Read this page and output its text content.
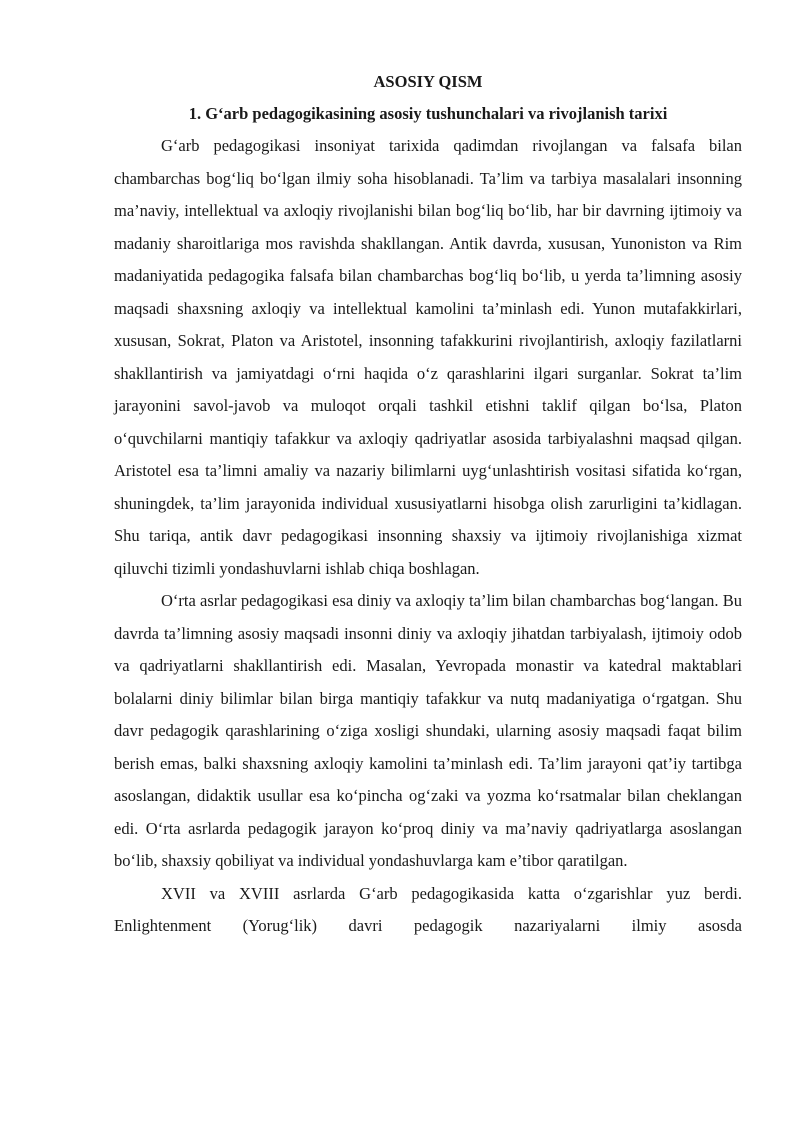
ASOSIY QISM

1. G‘arb pedagogikasining asosiy tushunchalari va rivojlanish tarixi

G‘arb pedagogikasi insoniyat tarixida qadimdan rivojlangan va falsafa bilan chambarchas bog‘liq bo‘lgan ilmiy soha hisoblanadi. Ta’lim va tarbiya masalalari insonning ma’naviy, intellektual va axloqiy rivojlanishi bilan bog‘liq bo‘lib, har bir davrning ijtimoiy va madaniy sharoitlariga mos ravishda shakllangan. Antik davrda, xususan, Yunoniston va Rim madaniyatida pedagogika falsafa bilan chambarchas bog‘liq bo‘lib, u yerda ta’limning asosiy maqsadi shaxsning axloqiy va intellektual kamolini ta’minlash edi. Yunon mutafakkirlari, xususan, Sokrat, Platon va Aristotel, insonning tafakkurini rivojlantirish, axloqiy fazilatlarni shakllantirish va jamiyatdagi o‘rni haqida o‘z qarashlarini ilgari surganlar. Sokrat ta’lim jarayonini savol-javob va muloqot orqali tashkil etishni taklif qilgan bo‘lsa, Platon o‘quvchilarni mantiqiy tafakkur va axloqiy qadriyatlar asosida tarbiyalashni maqsad qilgan. Aristotel esa ta’limni amaliy va nazariy bilimlarni uyg‘unlashtirish vositasi sifatida ko‘rgan, shuningdek, ta’lim jarayonida individual xususiyatlarni hisobga olish zarurligini ta’kidlagan. Shu tariqa, antik davr pedagogikasi insonning shaxsiy va ijtimoiy rivojlanishiga xizmat qiluvchi tizimli yondashuvlarni ishlab chiqa boshlagan.

O‘rta asrlar pedagogikasi esa diniy va axloqiy ta’lim bilan chambarchas bog‘langan. Bu davrda ta’limning asosiy maqsadi insonni diniy va axloqiy jihatdan tarbiyalash, ijtimoiy odob va qadriyatlarni shakllantirish edi. Masalan, Yevropada monastir va katedral maktablari bolalarni diniy bilimlar bilan birga mantiqiy tafakkur va nutq madaniyatiga o‘rgatgan. Shu davr pedagogik qarashlarining o‘ziga xosligi shundaki, ularning asosiy maqsadi faqat bilim berish emas, balki shaxsning axloqiy kamolini ta’minlash edi. Ta’lim jarayoni qat’iy tartibga asoslangan, didaktik usullar esa ko‘pincha og‘zaki va yozma ko‘rsatmalar bilan cheklangan edi. O‘rta asrlarda pedagogik jarayon ko‘proq diniy va ma’naviy qadriyatlarga asoslangan bo‘lib, shaxsiy qobiliyat va individual yondashuvlarga kam e’tibor qaratilgan.

XVII va XVIII asrlarda G‘arb pedagogikasida katta o‘zgarishlar yuz berdi. Enlightenment (Yorug‘lik) davri pedagogik nazariyalarni ilmiy asosda
